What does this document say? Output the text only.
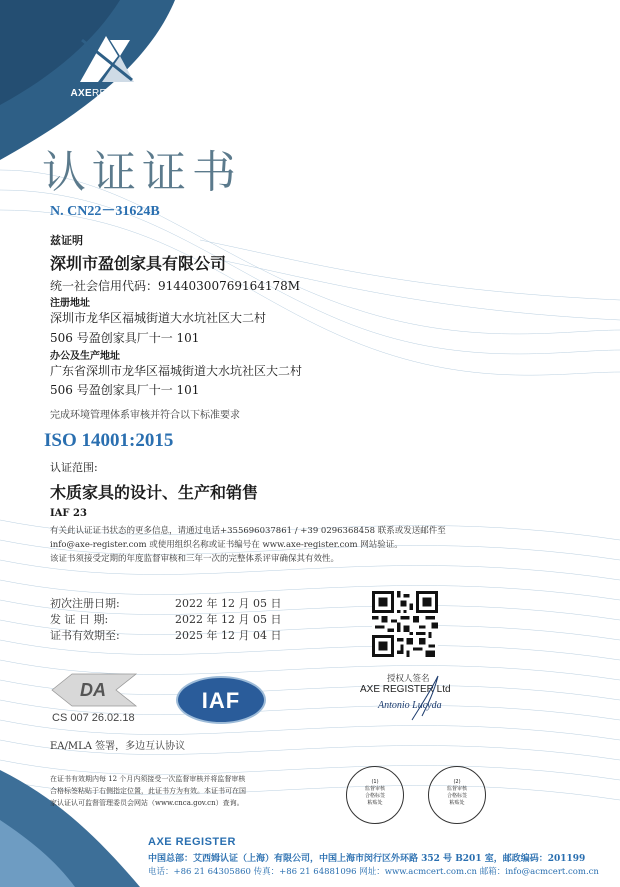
AXEREGISTER
认证证书
N. CN22－31624B
兹证明
深圳市盈创家具有限公司
统一社会信用代码：91440300769164178M
注册地址
深圳市龙华区福城街道大水坑社区大二村
506 号盈创家具厂十一 101
办公及生产地址
广东省深圳市龙华区福城街道大水坑社区大二村
506 号盈创家具厂十一 101
完成环境管理体系审核并符合以下标准要求
ISO 14001:2015
认证范围:
木质家具的设计、生产和销售
IAF 23
有关此认证证书状态的更多信息，请通过电话+355696037861 / +39 0296368458 联系或发送邮件至
info@axe-register.com 或使用组织名称或证书编号在 www.axe-register.com 网站验证。
该证书须接受定期的年度监督审核和三年一次的完整体系评审确保其有效性。
初次注册日期:	2022 年 12 月 05 日
发 证 日 期:	2022 年 12 月 05 日
证书有效期至:	2025 年 12 月 04 日
授权人签名
AXE REGISTER Ltd
Antonio Lucyda
DA
CS 007 26.02.18
IAF
EA/MLA 签署，多边互认协议
在证书有效期内每 12 个月内须接受一次监督审核并将监督审核
合格标签粘贴于右侧指定位置，此证书方为有效。本证书可在国
家认证认可监督管理委员会网站（www.cnca.gov.cn）查询。
(1)
监督审核
合格标签
粘贴处
(2)
监督审核
合格标签
粘贴处
AXE REGISTER
中国总部：艾西姆认证（上海）有限公司，中国上海市闵行区外环路 352 号 B201 室，邮政编码：201199
电话：+86 21 64305860 传真：+86 21 64881096 网址：www.acmcert.com.cn 邮箱：info@acmcert.com.cn
